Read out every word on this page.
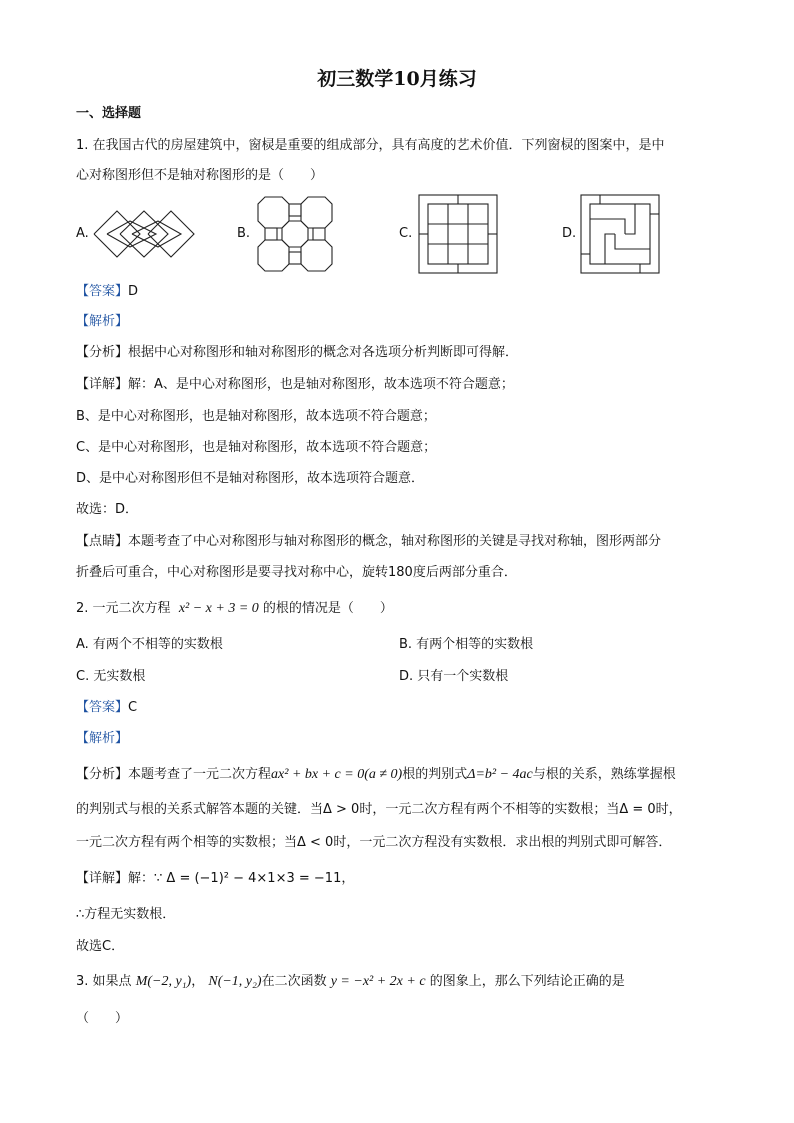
初三数学10月练习
一、选择题
1. 在我国古代的房屋建筑中，窗棂是重要的组成部分，具有高度的艺术价值．下列窗棂的图案中，是中
心对称图形但不是轴对称图形的是（　　）
A.	B.	C.	D.
【答案】D
【解析】
【分析】根据中心对称图形和轴对称图形的概念对各选项分析判断即可得解．
【详解】解：A、是中心对称图形，也是轴对称图形，故本选项不符合题意；
B、是中心对称图形，也是轴对称图形，故本选项不符合题意；
C、是中心对称图形，也是轴对称图形，故本选项不符合题意；
D、是中心对称图形但不是轴对称图形，故本选项符合题意．
故选：D．
【点睛】本题考查了中心对称图形与轴对称图形的概念，轴对称图形的关键是寻找对称轴，图形两部分
折叠后可重合，中心对称图形是要寻找对称中心，旋转180度后两部分重合．
2. 一元二次方程 x² − x + 3 = 0 的根的情况是（　　）
A. 有两个不相等的实数根	B. 有两个相等的实数根
C. 无实数根	D. 只有一个实数根
【答案】C
【解析】
【分析】本题考查了一元二次方程ax² + bx + c = 0(a ≠ 0)根的判别式Δ=b² − 4ac与根的关系，熟练掌握根
的判别式与根的关系式解答本题的关键．当Δ > 0时，一元二次方程有两个不相等的实数根；当Δ = 0时，
一元二次方程有两个相等的实数根；当Δ < 0时，一元二次方程没有实数根．求出根的判别式即可解答．
【详解】解：∵ Δ = (−1)² − 4×1×3 = −11，
∴方程无实数根．
故选C．
3. 如果点 M(−2, y₁)， N(−1, y₂)在二次函数 y = −x² + 2x + c 的图象上，那么下列结论正确的是
（　　）
